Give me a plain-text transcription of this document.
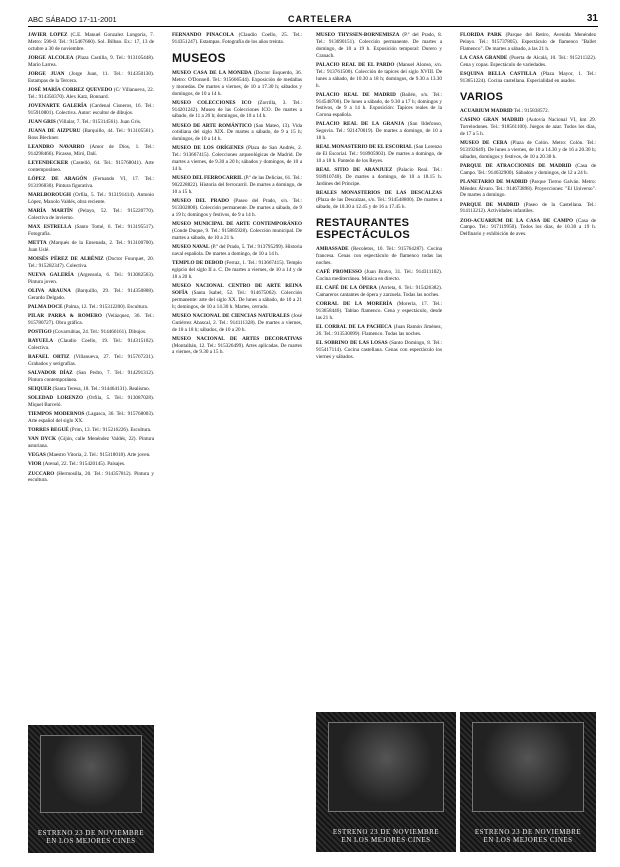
ABC SÁBADO 17-11-2001	CARTELERA	31
JAVIER LÓPEZ (C.E. Manuel Gonzalez Longoria, 7. Metro: 590-8. Tel.: 915467660). Sol. Bilbao. Ex.: 17, 13 de octubre a 30 de noviembre.
JORGE ALCOLEA (Plaza Castilla, 9. Tel.: 913105448). Mario Larrea.
JORGE JUAN (Jorge Juan, 11. Tel.: 914350130). Estampas de la Tercera.
JOSÉ MARÍA CORREZ QUEVEDO (C/ Villanueva, 22. Tel.: 914350370). Alex Katz, Bonnard.
JOVENARTE GALERÍA (Cardenal Cisneros, 16. Tel.: 915910801). Colectiva. Autor: escultor de dibujos.
JUAN GRIS (Villalar, 7. Tel.: 915314561). Juan Gris.
JUANA DE AIZPURU (Barquillo, 44. Tel.: 913105561). Ross Bleckner.
LEANDRO NAVARRO (Amor de Dios, 1. Tel.: 914298466). Picasso, Miró, Dalí.
LEYENDECKER (Castelló, 64. Tel.: 915768041). Arte contemporáneo.
LÓPEZ DE ARAGÓN (Fernando VI, 17. Tel.: 913196830). Pintura figurativa.
MARLBOROUGH (Orfila, 5. Tel.: 913191414). Antonio López, Manolo Valdés, obra reciente.
MARÍA MARTÍN (Pelayo, 52. Tel.: 915220770). Colectiva de invierno.
MAX ESTRELLA (Santo Tomé, 6. Tel.: 913195517). Fotografía.
METTA (Marqués de la Ensenada, 2. Tel.: 913100700). Juan Uslé.
MOISÉS PÉREZ DE ALBÉNIZ (Doctor Fourquet, 20. Tel.: 915282347). Colectiva.
NUEVA GALERÍA (Argensola, 6. Tel.: 913082563). Pintura joven.
OLIVA ARAUNA (Barquillo, 29. Tel.: 914350808). Gerardo Delgado.
PALMA DOCE (Palma, 12. Tel.: 915312200). Escultura.
PILAR PARRA & ROMERO (Velázquez, 36. Tel.: 915780727). Obra gráfica.
POSTIGO (Covarrubias, 24. Tel.: 914466161). Dibujos.
RAYUELA (Claudio Coello, 19. Tel.: 914315102). Colectiva.
RAFAEL ORTIZ (Villanueva, 27. Tel.: 915767231). Grabados y serigrafías.
SALVADOR DÍAZ (San Pedro, 7. Tel.: 914291312). Pintura contemporánea.
SEIQUER (Santa Teresa, 18. Tel.: 914464131). Realismo.
SOLEDAD LORENZO (Orfila, 5. Tel.: 913087028). Miquel Barceló.
TIEMPOS MODERNOS (Lagasca, 36. Tel.: 915768003). Arte español del siglo XX.
TORRES BEGUÉ (Prim, 13. Tel.: 915216226). Escultura.
VAN DYCK (Gijón, calle Menéndez Valdés, 22). Pintura asturiana.
VEGAS (Maestro Vitoria, 2. Tel.: 915318018). Arte joven.
VIOR (Arenal, 22. Tel.: 915420145). Paisajes.
ZUCCARO (Hermosilla, 20. Tel.: 914357812). Pintura y escultura.
FERNANDO PINACOLA (Claudio Coello, 25. Tel.: 914351247). Estampas. Fotografía de los años treinta.
MUSEOS
MUSEO CASA DE LA MONEDA (Doctor Esquerdo, 36. Metro: O'Donnell. Tel.: 915666544). Exposición de medallas y monedas. De martes a viernes, de 10 a 17.30 h; sábados y domingos, de 10 a 14 h.
MUSEO COLECCIONES ICO (Zorrilla, 3. Tel.: 914201242). Museo de las Colecciones ICO. De martes a sábado, de 11 a 20 h; domingos, de 10 a 14 h.
MUSEO DE ARTE ROMÁNTICO (San Mateo, 13). Vida cotidiana del siglo XIX. De martes a sábado, de 9 a 15 h; domingos, de 10 a 14 h.
MUSEO DE LOS ORÍGENES (Plaza de San Andrés, 2. Tel.: 913667415). Colecciones arqueológicas de Madrid. De martes a viernes, de 9.30 a 20 h; sábados y domingos, de 10 a 14 h.
MUSEO DEL FERROCARRIL (P.º de las Delicias, 61. Tel.: 902228822). Historia del ferrocarril. De martes a domingo, de 10 a 15 h.
MUSEO DEL PRADO (Paseo del Prado, s/n. Tel.: 913302800). Colección permanente. De martes a sábado, de 9 a 19 h; domingos y festivos, de 9 a 14 h.
MUSEO MUNICIPAL DE ARTE CONTEMPORÁNEO (Conde Duque, 9. Tel.: 915885928). Colección municipal. De martes a sábado, de 10 a 21 h.
MUSEO NAVAL (P.º del Prado, 5. Tel.: 913795299). Historia naval española. De martes a domingo, de 10 a 14 h.
TEMPLO DE DEBOD (Ferraz, 1. Tel.: 913667415). Templo egipcio del siglo II a. C. De martes a viernes, de 10 a 14 y de 18 a 20 h.
MUSEO NACIONAL CENTRO DE ARTE REINA SOFÍA (Santa Isabel, 52. Tel.: 914675062). Colección permanente: arte del siglo XX. De lunes a sábado, de 10 a 21 h; domingos, de 10 a 14.30 h. Martes, cerrado.
MUSEO NACIONAL DE CIENCIAS NATURALES (José Gutiérrez Abascal, 2. Tel.: 914111328). De martes a viernes, de 10 a 18 h; sábados, de 10 a 20 h.
MUSEO NACIONAL DE ARTES DECORATIVAS (Montalbán, 12. Tel.: 915326499). Artes aplicadas. De martes a viernes, de 9.30 a 15 h.
MUSEO THYSSEN-BORNEMISZA (P.º del Prado, 8. Tel.: 913690151). Colección permanente. De martes a domingo, de 10 a 19 h. Exposición temporal: Durero y Cranach.
PALACIO REAL DE EL PARDO (Manuel Alonso, s/n. Tel.: 913761500). Colección de tapices del siglo XVIII. De lunes a sábado, de 10.30 a 18 h; domingos, de 9.30 a 13.30 h.
PALACIO REAL DE MADRID (Bailén, s/n. Tel.: 914548700). De lunes a sábado, de 9.30 a 17 h; domingos y festivos, de 9 a 14 h. Exposición: Tapices reales de la Corona española.
PALACIO REAL DE LA GRANJA (San Ildefonso, Segovia. Tel.: 921470019). De martes a domingo, de 10 a 18 h.
REAL MONASTERIO DE EL ESCORIAL (San Lorenzo de El Escorial. Tel.: 918905903). De martes a domingo, de 10 a 18 h. Panteón de los Reyes.
REAL SITIO DE ARANJUEZ (Palacio Real. Tel.: 918910740). De martes a domingo, de 10 a 18.15 h. Jardines del Príncipe.
REALES MONASTERIOS DE LAS DESCALZAS (Plaza de las Descalzas, s/n. Tel.: 914548800). De martes a sábado, de 10.30 a 12.45 y de 16 a 17.45 h.
RESTAURANTES
ESPECTÁCULOS
AMBASSADE (Recoletos, 10. Tel.: 915764287). Cocina francesa. Cenas con espectáculo de flamenco todas las noches.
CAFÉ PROMESSO (Juan Bravo, 31. Tel.: 914311102). Cocina mediterránea. Música en directo.
EL CAFÉ DE LA ÓPERA (Arrieta, 6. Tel.: 915426382). Camareros cantantes de ópera y zarzuela. Todas las noches.
CORRAL DE LA MORERÍA (Morería, 17. Tel.: 913658446). Tablao flamenco. Cena y espectáculo, desde las 21 h.
EL CORRAL DE LA PACHECA (Juan Ramón Jiménez, 26. Tel.: 913530099). Flamenco. Todas las noches.
EL SOBRINO DE LAS LOSAS (Santo Domingo, 8. Tel.: 915417114). Cocina castellana. Cenas con espectáculo los viernes y sábados.
FLORIDA PARK (Parque del Retiro, Avenida Menéndez Pelayo. Tel.: 915737805). Espectáculo de flamenco "Ballet Flamenco". De martes a sábado, a las 21 h.
LA CASA GRANDE (Puerta de Alcalá, 10. Tel.: 915211322). Cena y copas. Espectáculo de variedades.
ESQUINA BELLA CASTILLA (Plaza Mayor, 1. Tel.: 913651224). Cocina castellana. Especialidad en asados.
VARIOS
ACUARIUM MADRID Tel.: 915838572.
CASINO GRAN MADRID (Autovía Nacional VI, km 29. Torrelodones. Tel.: 918561100). Juegos de azar. Todos los días, de 17 a 5 h.
MUSEO DE CERA (Plaza de Colón. Metro: Colón. Tel.: 913192649). De lunes a viernes, de 10 a 14.30 y de 16 a 20.30 h; sábados, domingos y festivos, de 10 a 20.30 h.
PARQUE DE ATRACCIONES DE MADRID (Casa de Campo. Tel.: 914632900). Sábados y domingos, de 12 a 24 h.
PLANETARIO DE MADRID (Parque Tierno Galván. Metro: Méndez Álvaro. Tel.: 914673898). Proyecciones: "El Universo". De martes a domingo.
PARQUE DE MADRID (Paseo de la Castellana. Tel.: 914113212). Actividades infantiles.
ZOO-ACUARIUM DE LA CASA DE CAMPO (Casa de Campo. Tel.: 917119950). Todos los días, de 10.30 a 19 h. Delfinario y exhibición de aves.
ESTRENO 23 DE NOVIEMBRE
EN LOS MEJORES CINES
ESTRENO 23 DE NOVIEMBRE
EN LOS MEJORES CINES
ESTRENO 23 DE NOVIEMBRE
EN LOS MEJORES CINES
